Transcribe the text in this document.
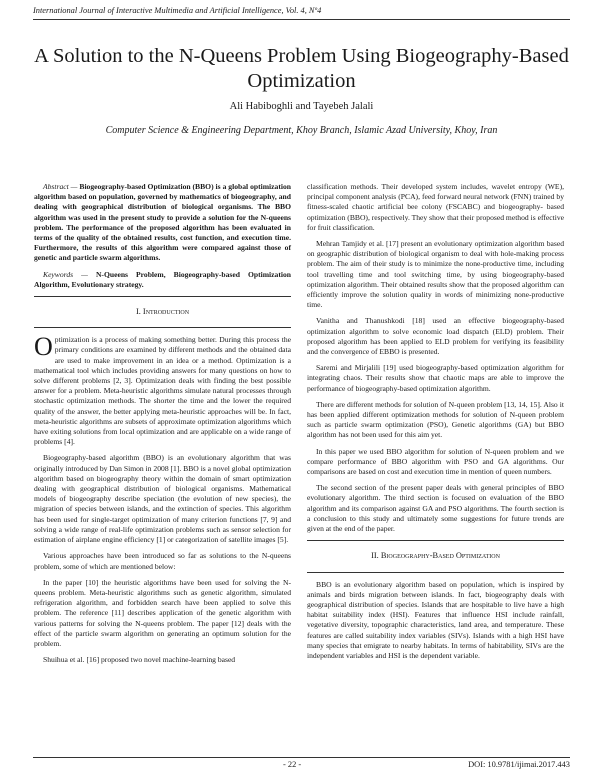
International Journal of Interactive Multimedia and Artificial Intelligence, Vol. 4, Nº4
A Solution to the N-Queens Problem Using Biogeography-Based Optimization
Ali Habiboghli and Tayebeh Jalali
Computer Science & Engineering Department, Khoy Branch, Islamic Azad University, Khoy, Iran

Abstract — Biogeography-based Optimization (BBO) is a global optimization algorithm based on population, governed by mathematics of biogeography, and dealing with geographical distribution of biological organisms. The BBO algorithm was used in the present study to provide a solution for the N-queens problem. The performance of the proposed algorithm has been evaluated in terms of the quality of the obtained results, cost function, and execution time. Furthermore, the results of this algorithm were compared against those of genetic and particle swarm algorithms.

Keywords — N-Queens Problem, Biogeography-based Optimization Algorithm, Evolutionary strategy.

I. Introduction

Optimization is a process of making something better. During this process the primary conditions are examined by different methods and the obtained data are used to make improvement in an idea or a method. Optimization is a mathematical tool which includes providing answers for many questions on how to solve different problems [2, 3]. Optimization deals with finding the best possible answer for a problem. Meta-heuristic algorithms simulate natural processes through stochastic optimization methods. The shorter the time and the lower the required quality of the answer, the better applying meta-heuristic approaches will be. In fact, meta-heuristic algorithms are subsets of approximate optimization algorithms which have exiting solutions from local optimization and are applicable on a wide range of problems [4].

Biogeography-based algorithm (BBO) is an evolutionary algorithm that was originally introduced by Dan Simon in 2008 [1]. BBO is a novel global optimization algorithm based on biogeography theory within the domain of smart optimization dealing with geographical distribution of biological organisms. Mathematical models of biogeography describe speciation (the evolution of new species), the migration of species between islands, and the extinction of species. This algorithm has been used for single-target optimization of many criterion functions [7, 9] and solving a wide range of real-life optimization problems such as sensor selection for estimation of airplane engine efficiency [1] or categorization of satellite images [5].

Various approaches have been introduced so far as solutions to the N-queens problem, some of which are mentioned below:

In the paper [10] the heuristic algorithms have been used for solving the N-queens problem. Meta-heuristic algorithms such as genetic algorithm, simulated refrigeration algorithm, and forbidden search have been applied to solve this problem. The reference [11] describes application of the genetic algorithm with various patterns for solving the N-queens problem. The paper [12] deals with the effect of the particle swarm algorithm on generating an optimum solution for the problem.

Shuihua et al. [16] proposed two novel machine-learning based

classification methods. Their developed system includes, wavelet entropy (WE), principal component analysis (PCA), feed forward neural network (FNN) trained by fitness-scaled chaotic artificial bee colony (FSCABC) and biogeography- based optimization (BBO), respectively. They show that their proposed method is effective for fruit classification.

Mehran Tamjidy et al. [17] present an evolutionary optimization algorithm based on geographic distribution of biological organism to deal with hole-making process problem. The aim of their study is to minimize the none-productive time, including tool travelling time and tool switching time, by using biogeography-based optimization algorithm. Their obtained results show that the proposed algorithm can efficiently improve the solution quality in words of minimizing none-productive time.

Vanitha and Thanushkodi [18] used an effective biogeography-based optimization algorithm to solve economic load dispatch (ELD) problem. Their proposed algorithm has been applied to ELD problem for verifying its feasibility and the convergence of EBBO is presented.

Saremi and Mirjalili [19] used biogeography-based optimization algorithm for integrating chaos. Their results show that chaotic maps are able to improve the performance of biogeography-based optimization algorithm.

There are different methods for solution of N-queen problem [13, 14, 15]. Also it has been applied different optimization methods for solution of N-queen problem such as particle swarm optimization (PSO), Genetic algorithms (GA) but BBO algorithm has not been used for this aim yet.

In this paper we used BBO algorithm for solution of N-queen problem and we compare performance of BBO algorithm with PSO and GA algorithms. Our comparisons are based on cost and execution time in mention of queen numbers.

The second section of the present paper deals with general principles of BBO evolutionary algorithm. The third section is focused on evaluation of the BBO algorithm and its comparison against GA and PSO algorithms. The fourth section is a conclusion to this study and ultimately some suggestions for future trends are given at the end of the paper.

II. Biogeography-Based Optimization

BBO is an evolutionary algorithm based on population, which is inspired by animals and birds migration between islands. In fact, biogeography deals with geographical distribution of species. Islands that are hospitable to live have a high habitat suitability index (HSI). Features that influence HSI include rainfall, vegetative diversity, topographic characteristics, land area, and temperature. These features are called suitability index variables (SIVs). Islands with a high HSI have many species that emigrate to nearby habitats. In terms of habitability, SIVs are the independent variables and HSI is the dependent variable.

- 22 -	DOI: 10.9781/ijimai.2017.443
